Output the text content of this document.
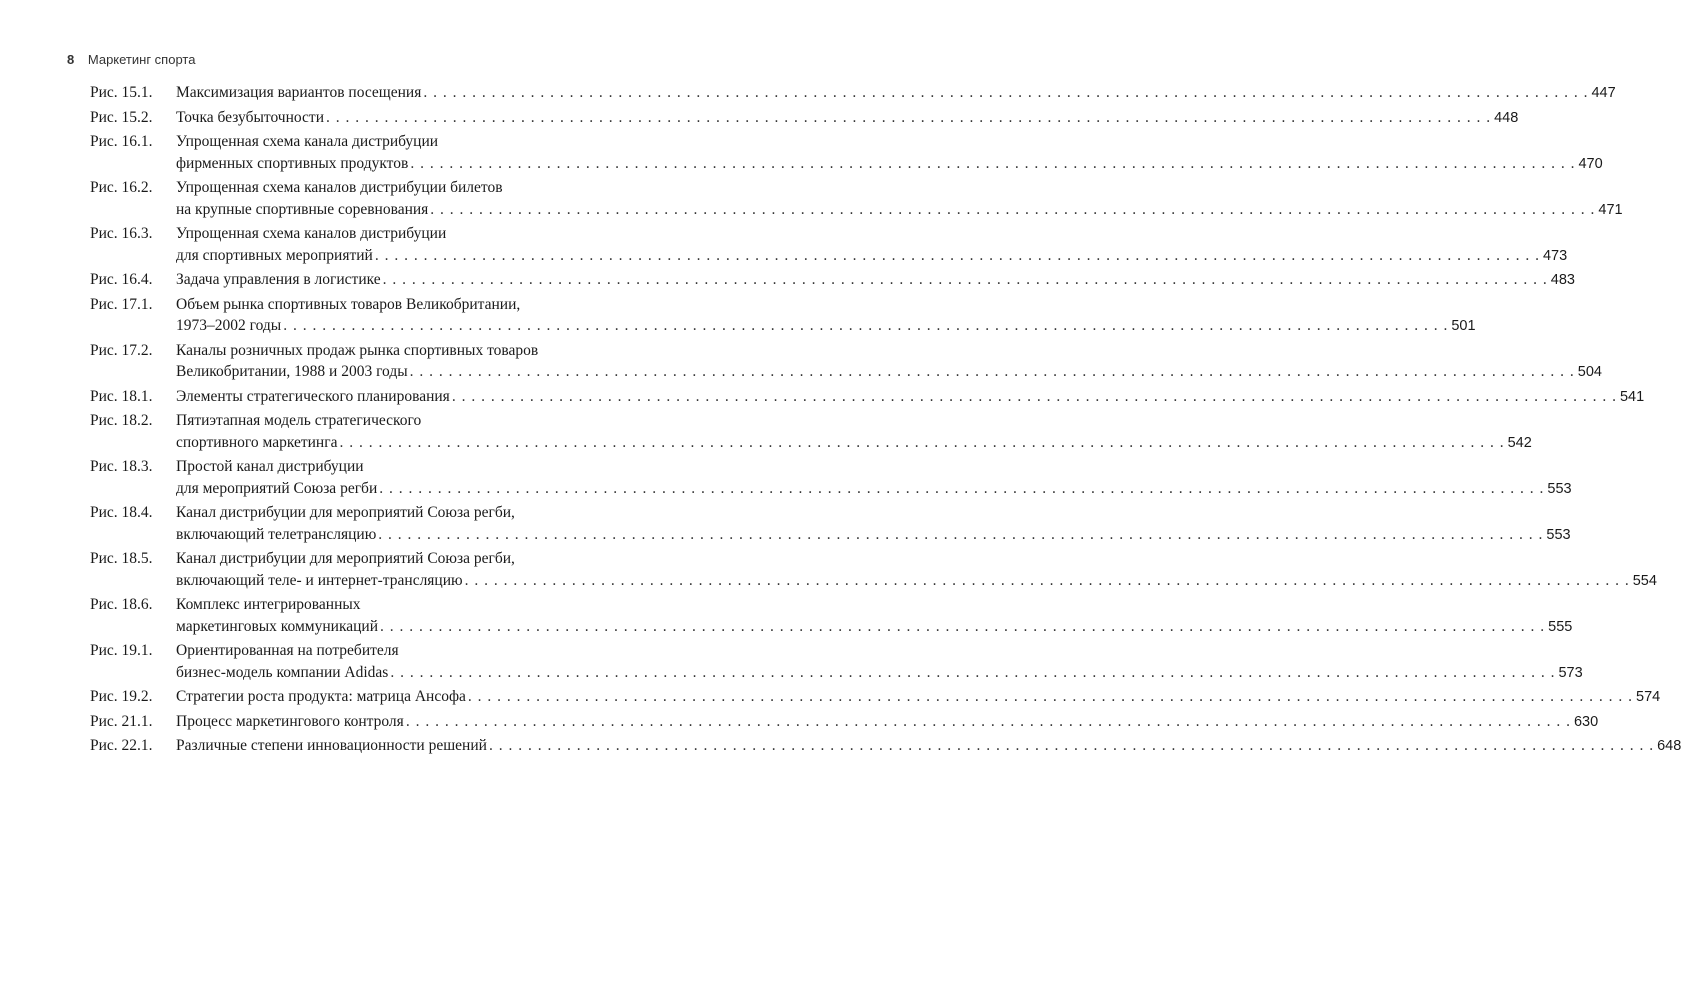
8 Маркетинг спорта
Рис. 15.1.	Максимизация вариантов посещения . . . . . . . . . . . . . . . . . . . . . . . . . . . . . . . . . . . . . . . . . . . . . . . . . . . . . . . . . . . . . . . . . . . . . . . . . . . . . . . . . . . . . . . . . . . . . . . . . . . . . . . . . . . . . . . . . . . . . . . . 447
Рис. 15.2.	Точка безубыточности . . . . . . . . . . . . . . . . . . . . . . . . . . . . . . . . . . . . . . . . . . . . . . . . . . . . . . . . . . . . . . . . . . . . . . . . . . . . . . . . . . . . . . . . . . . . . . . . . . . . . . . . . . . . . . . . . . . . . . . . 448
Рис. 16.1.	Упрощенная схема канала дистрибуции
фирменных спортивных продуктов . . . . . . . . . . . . . . . . . . . . . . . . . . . . . . . . . . . . . . . . . . . . . . . . . . . . . . . . . . . . . . . . . . . . . . . . . . . . . . . . . . . . . . . . . . . . . . . . . . . . . . . . . . . . . . . . . . . . . . . . 470
Рис. 16.2.	Упрощенная схема каналов дистрибуции билетов
на крупные спортивные соревнования . . . . . . . . . . . . . . . . . . . . . . . . . . . . . . . . . . . . . . . . . . . . . . . . . . . . . . . . . . . . . . . . . . . . . . . . . . . . . . . . . . . . . . . . . . . . . . . . . . . . . . . . . . . . . . . . . . . . . . . . 471
Рис. 16.3.	Упрощенная схема каналов дистрибуции
для спортивных мероприятий . . . . . . . . . . . . . . . . . . . . . . . . . . . . . . . . . . . . . . . . . . . . . . . . . . . . . . . . . . . . . . . . . . . . . . . . . . . . . . . . . . . . . . . . . . . . . . . . . . . . . . . . . . . . . . . . . . . . . . . . 473
Рис. 16.4.	Задача управления в логистике . . . . . . . . . . . . . . . . . . . . . . . . . . . . . . . . . . . . . . . . . . . . . . . . . . . . . . . . . . . . . . . . . . . . . . . . . . . . . . . . . . . . . . . . . . . . . . . . . . . . . . . . . . . . . . . . . . . . . . . . 483
Рис. 17.1.	Объем рынка спортивных товаров Великобритании,
1973–2002 годы . . . . . . . . . . . . . . . . . . . . . . . . . . . . . . . . . . . . . . . . . . . . . . . . . . . . . . . . . . . . . . . . . . . . . . . . . . . . . . . . . . . . . . . . . . . . . . . . . . . . . . . . . . . . . . . . . . . . . . . . 501
Рис. 17.2.	Каналы розничных продаж рынка спортивных товаров
Великобритании, 1988 и 2003 годы . . . . . . . . . . . . . . . . . . . . . . . . . . . . . . . . . . . . . . . . . . . . . . . . . . . . . . . . . . . . . . . . . . . . . . . . . . . . . . . . . . . . . . . . . . . . . . . . . . . . . . . . . . . . . . . . . . . . . . . . 504
Рис. 18.1.	Элементы стратегического планирования . . . . . . . . . . . . . . . . . . . . . . . . . . . . . . . . . . . . . . . . . . . . . . . . . . . . . . . . . . . . . . . . . . . . . . . . . . . . . . . . . . . . . . . . . . . . . . . . . . . . . . . . . . . . . . . . . . . . . . . . 541
Рис. 18.2.	Пятиэтапная модель стратегического
спортивного маркетинга . . . . . . . . . . . . . . . . . . . . . . . . . . . . . . . . . . . . . . . . . . . . . . . . . . . . . . . . . . . . . . . . . . . . . . . . . . . . . . . . . . . . . . . . . . . . . . . . . . . . . . . . . . . . . . . . . . . . . . . . 542
Рис. 18.3.	Простой канал дистрибуции
для мероприятий Союза регби . . . . . . . . . . . . . . . . . . . . . . . . . . . . . . . . . . . . . . . . . . . . . . . . . . . . . . . . . . . . . . . . . . . . . . . . . . . . . . . . . . . . . . . . . . . . . . . . . . . . . . . . . . . . . . . . . . . . . . . . 553
Рис. 18.4.	Канал дистрибуции для мероприятий Союза регби,
включающий телетрансляцию . . . . . . . . . . . . . . . . . . . . . . . . . . . . . . . . . . . . . . . . . . . . . . . . . . . . . . . . . . . . . . . . . . . . . . . . . . . . . . . . . . . . . . . . . . . . . . . . . . . . . . . . . . . . . . . . . . . . . . . . 553
Рис. 18.5.	Канал дистрибуции для мероприятий Союза регби,
включающий теле- и интернет-трансляцию . . . . . . . . . . . . . . . . . . . . . . . . . . . . . . . . . . . . . . . . . . . . . . . . . . . . . . . . . . . . . . . . . . . . . . . . . . . . . . . . . . . . . . . . . . . . . . . . . . . . . . . . . . . . . . . . . . . . . . . . 554
Рис. 18.6.	Комплекс интегрированных
маркетинговых коммуникаций . . . . . . . . . . . . . . . . . . . . . . . . . . . . . . . . . . . . . . . . . . . . . . . . . . . . . . . . . . . . . . . . . . . . . . . . . . . . . . . . . . . . . . . . . . . . . . . . . . . . . . . . . . . . . . . . . . . . . . . . 555
Рис. 19.1.	Ориентированная на потребителя
бизнес-модель компании Adidas . . . . . . . . . . . . . . . . . . . . . . . . . . . . . . . . . . . . . . . . . . . . . . . . . . . . . . . . . . . . . . . . . . . . . . . . . . . . . . . . . . . . . . . . . . . . . . . . . . . . . . . . . . . . . . . . . . . . . . . . 573
Рис. 19.2.	Стратегии роста продукта: матрица Ансофа . . . . . . . . . . . . . . . . . . . . . . . . . . . . . . . . . . . . . . . . . . . . . . . . . . . . . . . . . . . . . . . . . . . . . . . . . . . . . . . . . . . . . . . . . . . . . . . . . . . . . . . . . . . . . . . . . . . . . . . . 574
Рис. 21.1.	Процесс маркетингового контроля . . . . . . . . . . . . . . . . . . . . . . . . . . . . . . . . . . . . . . . . . . . . . . . . . . . . . . . . . . . . . . . . . . . . . . . . . . . . . . . . . . . . . . . . . . . . . . . . . . . . . . . . . . . . . . . . . . . . . . . . 630
Рис. 22.1.	Различные степени инновационности решений . . . . . . . . . . . . . . . . . . . . . . . . . . . . . . . . . . . . . . . . . . . . . . . . . . . . . . . . . . . . . . . . . . . . . . . . . . . . . . . . . . . . . . . . . . . . . . . . . . . . . . . . . . . . . . . . . . . . . . . . 648
